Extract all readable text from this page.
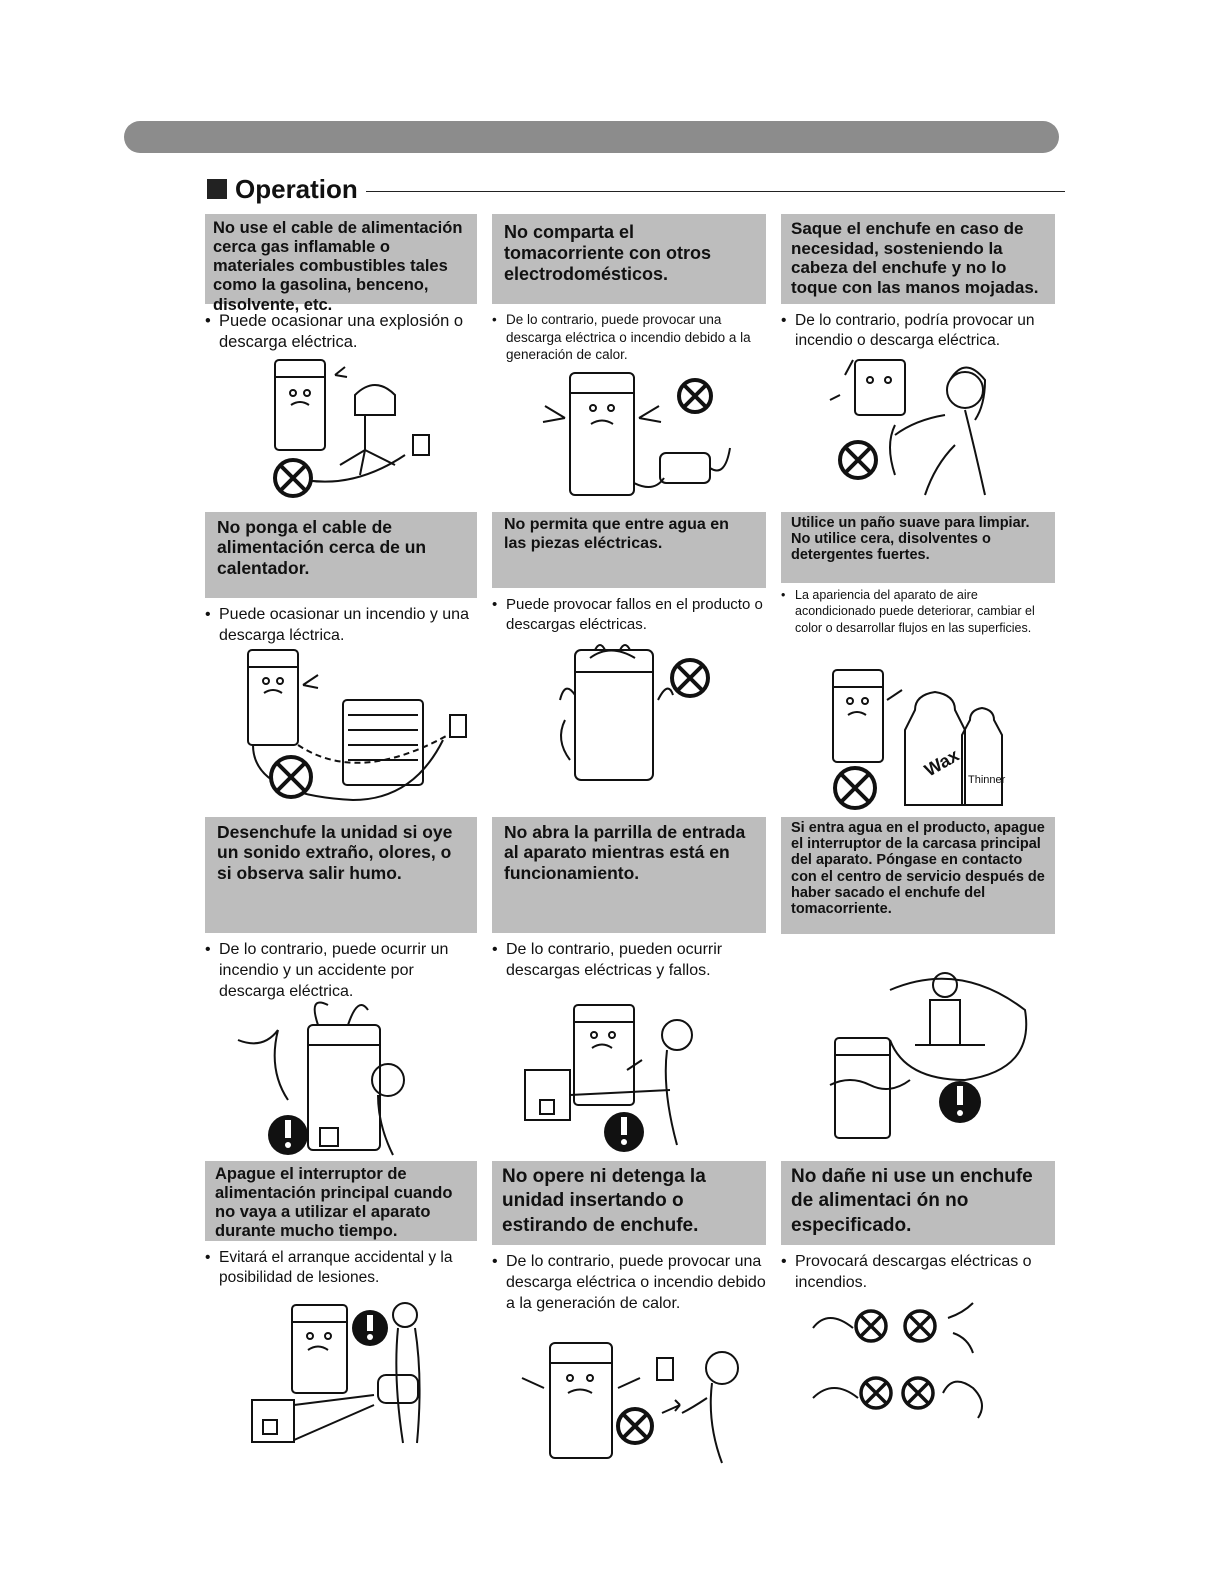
Operation
No use el cable de alimentación cerca gas inflamable o materiales combustibles tales como la gasolina, benceno, disolvente, etc.
• Puede ocasionar una explosión o descarga eléctrica.
No comparta el tomacorriente con otros electrodomésticos.
• De lo contrario, puede provocar una descarga eléctrica o incendio debido a la generación de calor.
Saque el enchufe en caso de necesidad, sosteniendo la cabeza del enchufe y no lo toque con las manos mojadas.
• De lo contrario, podría provocar un incendio o descarga eléctrica.
No ponga el cable de alimentación cerca de un calentador.
• Puede ocasionar un incendio y una descarga léctrica.
No permita que entre agua en las piezas eléctricas.
• Puede provocar fallos en el producto o descargas eléctricas.
Utilice un paño suave para limpiar. No utilice cera, disolventes o detergentes fuertes.
• La apariencia del aparato de aire acondicionado puede deteriorar, cambiar el color o desarrollar flujos en las superficies.
Desenchufe la unidad si oye un sonido extraño, olores, o si observa salir humo.
• De lo contrario, puede ocurrir un incendio y un accidente por descarga eléctrica.
No abra la parrilla de entrada al aparato mientras está en funcionamiento.
• De lo contrario, pueden ocurrir descargas eléctricas y fallos.
Si entra agua en el producto, apague el interruptor de la carcasa principal del aparato. Póngase en contacto con el centro de servicio después de haber sacado el enchufe del tomacorriente.
Apague el interruptor de alimentación principal cuando no vaya a utilizar el aparato durante mucho tiempo.
• Evitará el arranque accidental y la posibilidad de lesiones.
No opere ni detenga la unidad insertando o estirando de enchufe.
• De lo contrario, puede provocar una descarga eléctrica o incendio debido a la generación de calor.
No dañe ni use un enchufe de alimentaci ón no especificado.
• Provocará descargas eléctricas o incendios.
Wax Thinner
